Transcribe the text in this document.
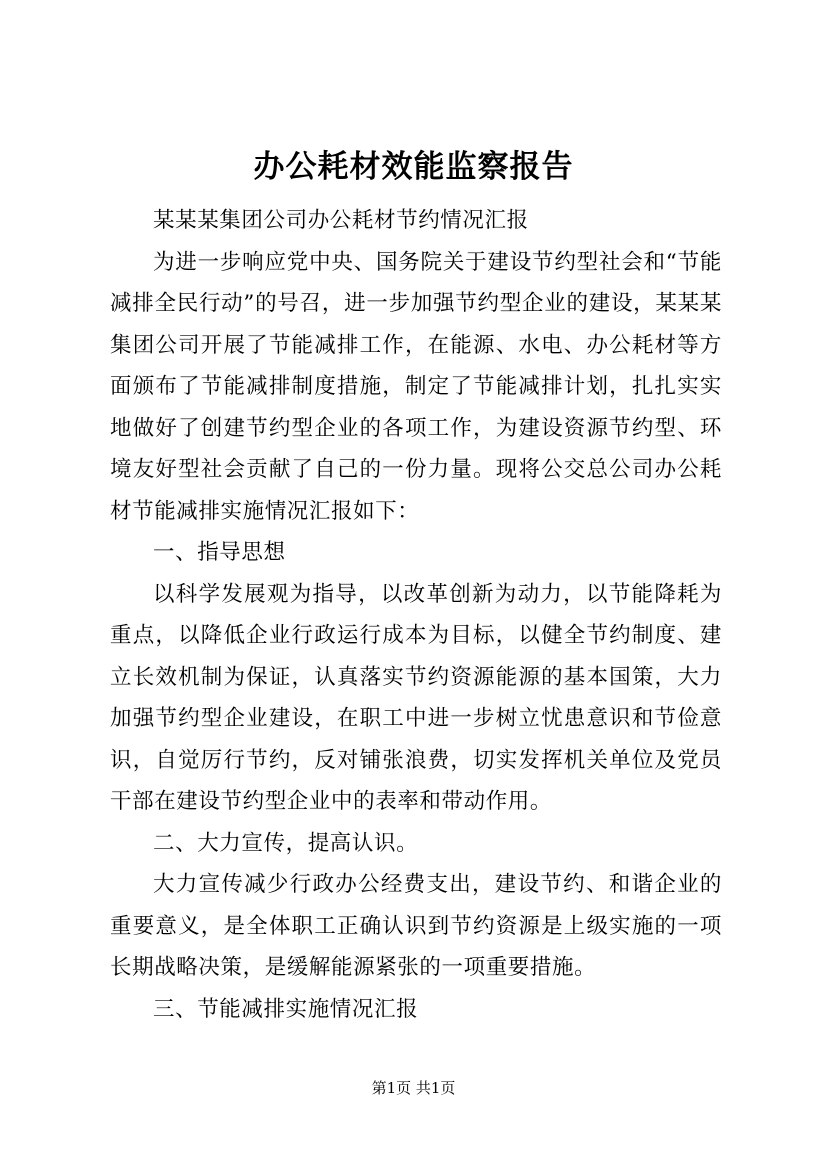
办公耗材效能监察报告

某某某集团公司办公耗材节约情况汇报

为进一步响应党中央、国务院关于建设节约型社会和“节能减排全民行动”的号召，进一步加强节约型企业的建设，某某某集团公司开展了节能减排工作，在能源、水电、办公耗材等方面颁布了节能减排制度措施，制定了节能减排计划，扎扎实实地做好了创建节约型企业的各项工作，为建设资源节约型、环境友好型社会贡献了自己的一份力量。现将公交总公司办公耗材节能减排实施情况汇报如下：

一、指导思想

以科学发展观为指导，以改革创新为动力，以节能降耗为重点，以降低企业行政运行成本为目标，以健全节约制度、建立长效机制为保证，认真落实节约资源能源的基本国策，大力加强节约型企业建设，在职工中进一步树立忧患意识和节俭意识，自觉厉行节约，反对铺张浪费，切实发挥机关单位及党员干部在建设节约型企业中的表率和带动作用。

二、大力宣传，提高认识。

大力宣传减少行政办公经费支出，建设节约、和谐企业的重要意义，是全体职工正确认识到节约资源是上级实施的一项长期战略决策，是缓解能源紧张的一项重要措施。

三、节能减排实施情况汇报

第1页 共1页
